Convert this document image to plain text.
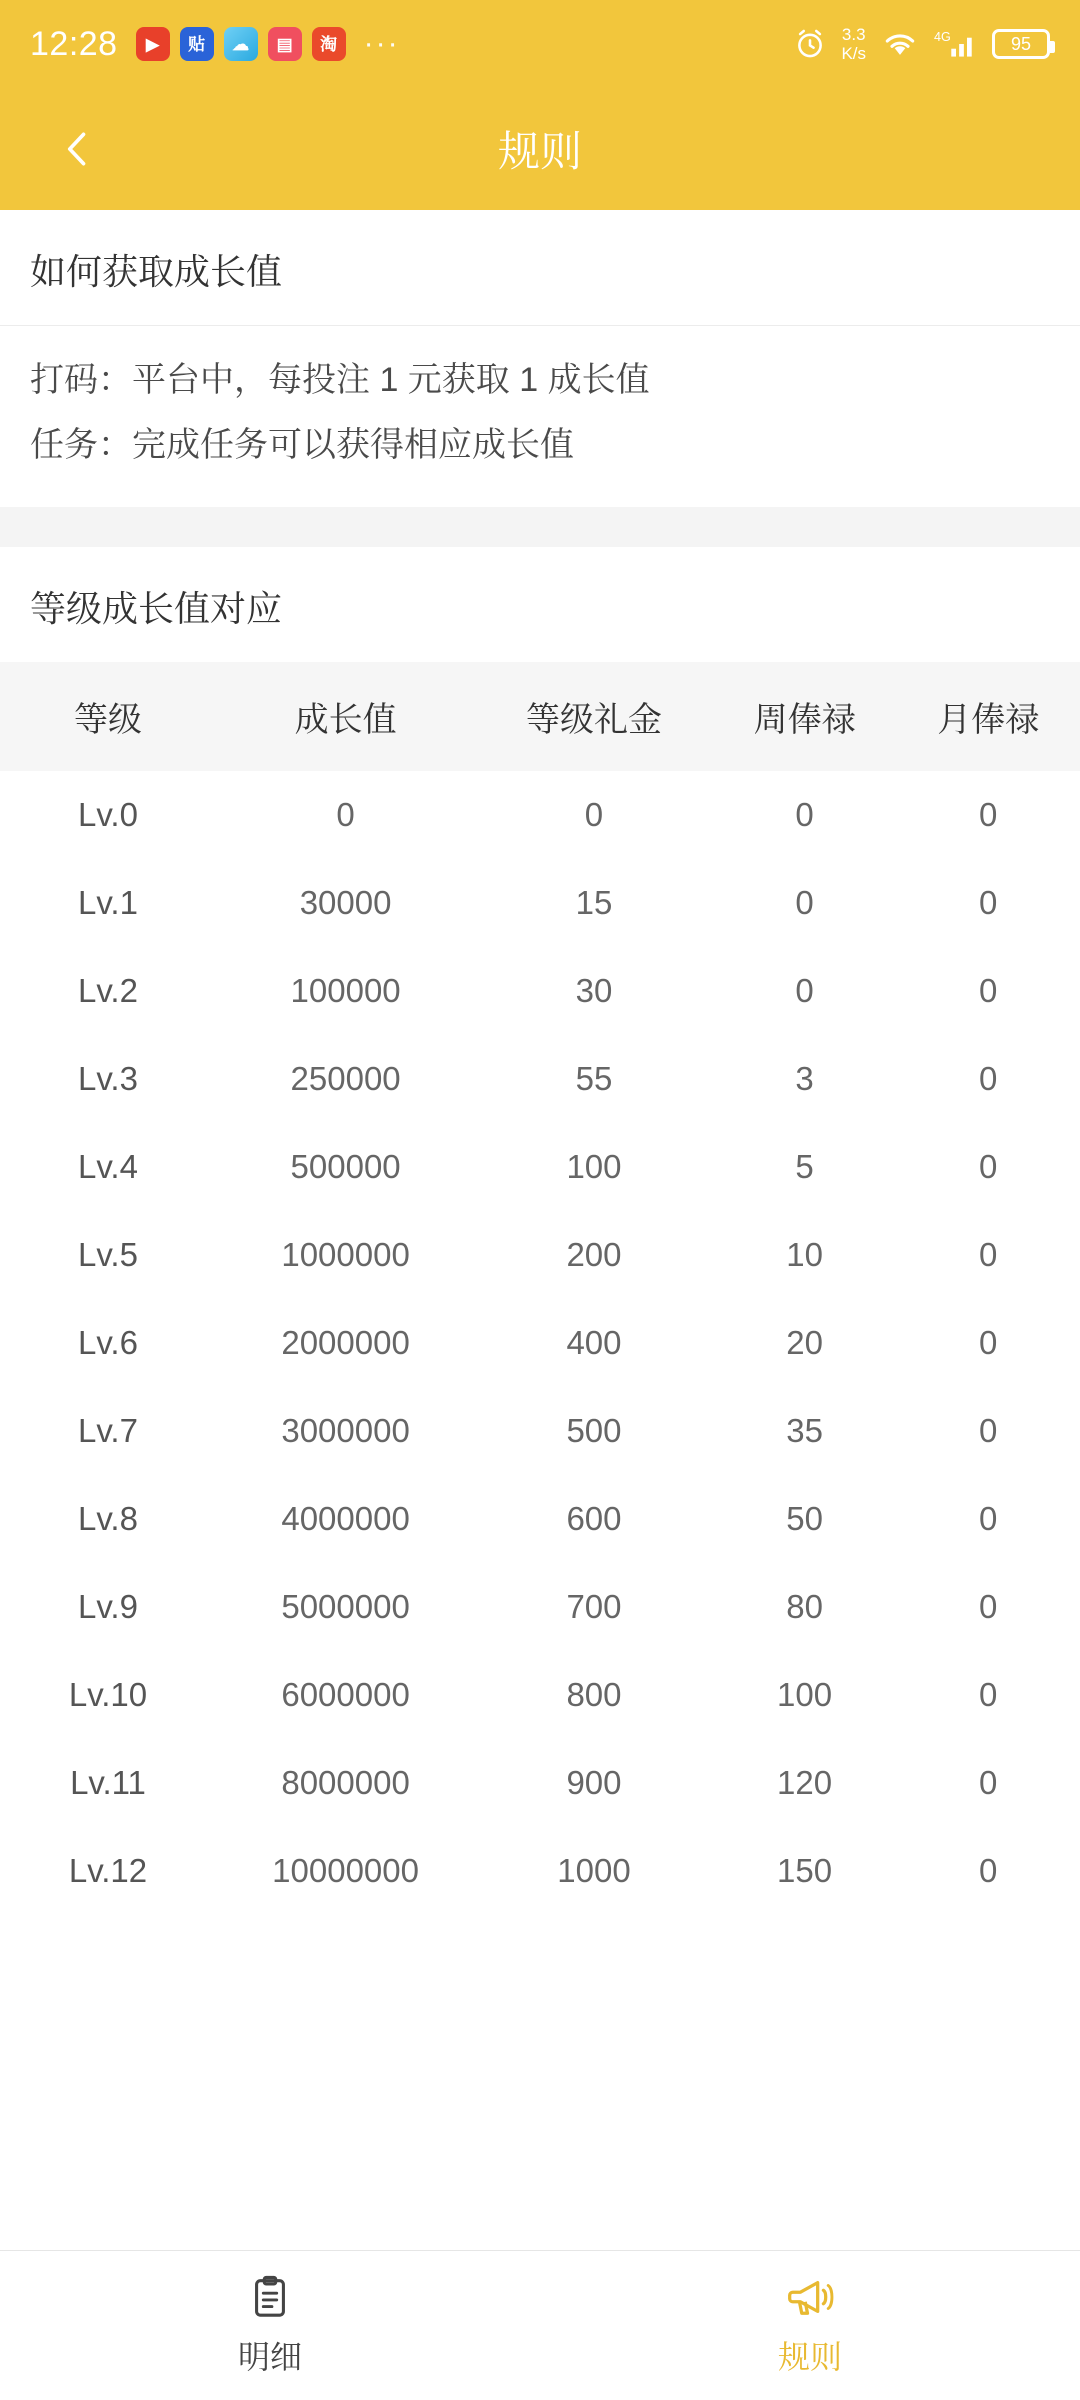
12:28	▶	贴	☁	▤	淘 ···	3.3
K/s
4G	95
规则
如何获取成长值
打码：平台中，每投注 1 元获取 1 成长值
任务：完成任务可以获得相应成长值
等级成长值对应
等级	成长值	等级礼金	周俸禄	月俸禄
Lv.0	0	0	0	0
Lv.1	30000	15	0	0
Lv.2	100000	30	0	0
Lv.3	250000	55	3	0
Lv.4	500000	100	5	0
Lv.5	1000000	200	10	0
Lv.6	2000000	400	20	0
Lv.7	3000000	500	35	0
Lv.8	4000000	600	50	0
Lv.9	5000000	700	80	0
Lv.10	6000000	800	100	0
Lv.11	8000000	900	120	0
Lv.12	10000000	1000	150	0
明细	规则
